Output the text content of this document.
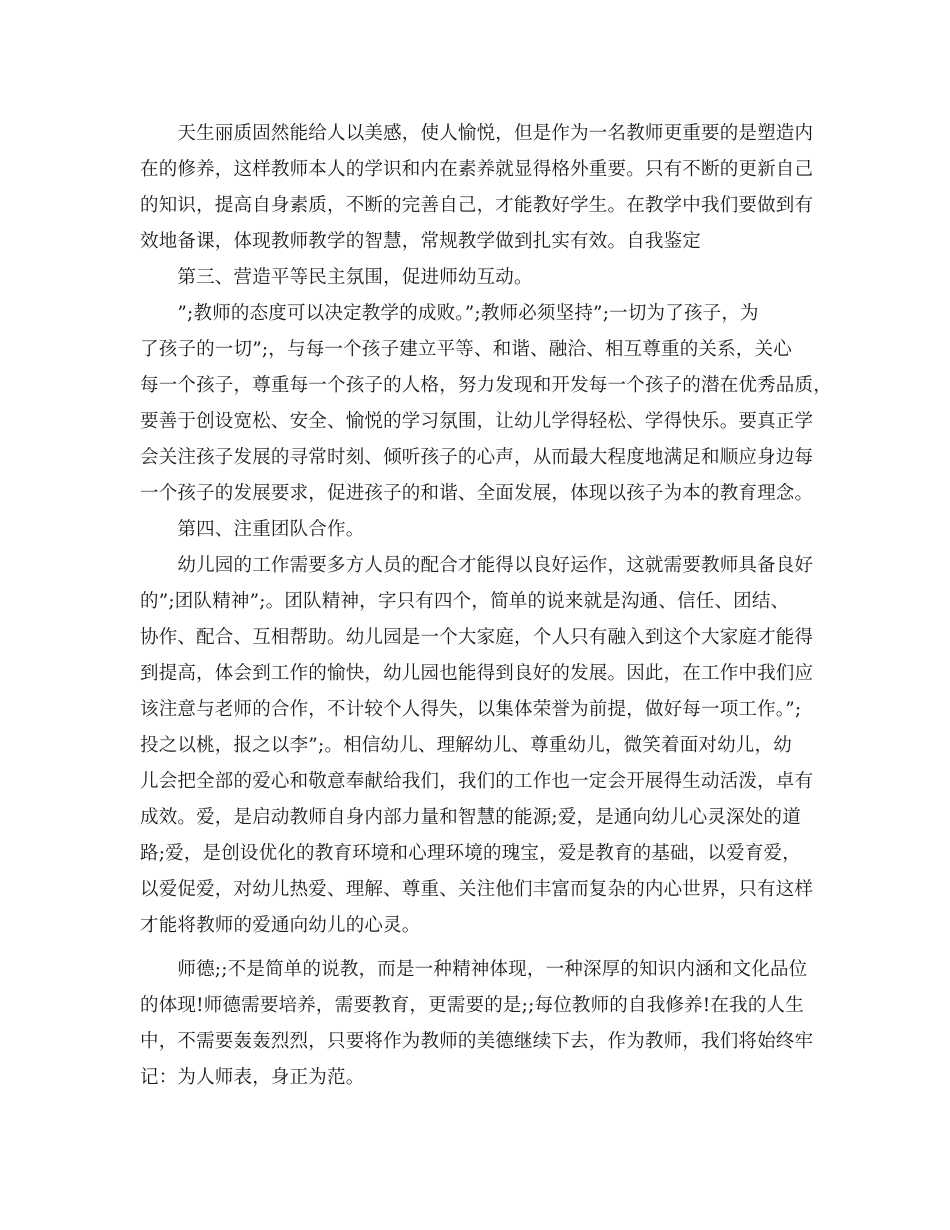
　　天生丽质固然能给人以美感，使人愉悦，但是作为一名教师更重要的是塑造内
在的修养，这样教师本人的学识和内在素养就显得格外重要。只有不断的更新自己
的知识，提高自身素质，不断的完善自己，才能教好学生。在教学中我们要做到有
效地备课，体现教师教学的智慧，常规教学做到扎实有效。自我鉴定
　　第三、营造平等民主氛围，促进师幼互动。
　　”;教师的态度可以决定教学的成败。”;教师必须坚持”;一切为了孩子，为
了孩子的一切”;，与每一个孩子建立平等、和谐、融洽、相互尊重的关系，关心
每一个孩子，尊重每一个孩子的人格，努力发现和开发每一个孩子的潜在优秀品质，
要善于创设宽松、安全、愉悦的学习氛围，让幼儿学得轻松、学得快乐。要真正学
会关注孩子发展的寻常时刻、倾听孩子的心声，从而最大程度地满足和顺应身边每
一个孩子的发展要求，促进孩子的和谐、全面发展，体现以孩子为本的教育理念。
　　第四、注重团队合作。
　　幼儿园的工作需要多方人员的配合才能得以良好运作，这就需要教师具备良好
的”;团队精神”;。团队精神，字只有四个，简单的说来就是沟通、信任、团结、
协作、配合、互相帮助。幼儿园是一个大家庭，个人只有融入到这个大家庭才能得
到提高，体会到工作的愉快，幼儿园也能得到良好的发展。因此，在工作中我们应
该注意与老师的合作，不计较个人得失，以集体荣誉为前提，做好每一项工作。”;
投之以桃，报之以李”;。相信幼儿、理解幼儿、尊重幼儿，微笑着面对幼儿，幼
儿会把全部的爱心和敬意奉献给我们，我们的工作也一定会开展得生动活泼，卓有
成效。爱，是启动教师自身内部力量和智慧的能源;爱，是通向幼儿心灵深处的道
路;爱，是创设优化的教育环境和心理环境的瑰宝，爱是教育的基础，以爱育爱，
以爱促爱，对幼儿热爱、理解、尊重、关注他们丰富而复杂的内心世界，只有这样
才能将教师的爱通向幼儿的心灵。
　　师德;;不是简单的说教，而是一种精神体现，一种深厚的知识内涵和文化品位
的体现!师德需要培养，需要教育，更需要的是;;每位教师的自我修养!在我的人生
中，不需要轰轰烈烈，只要将作为教师的美德继续下去，作为教师，我们将始终牢
记：为人师表，身正为范。
